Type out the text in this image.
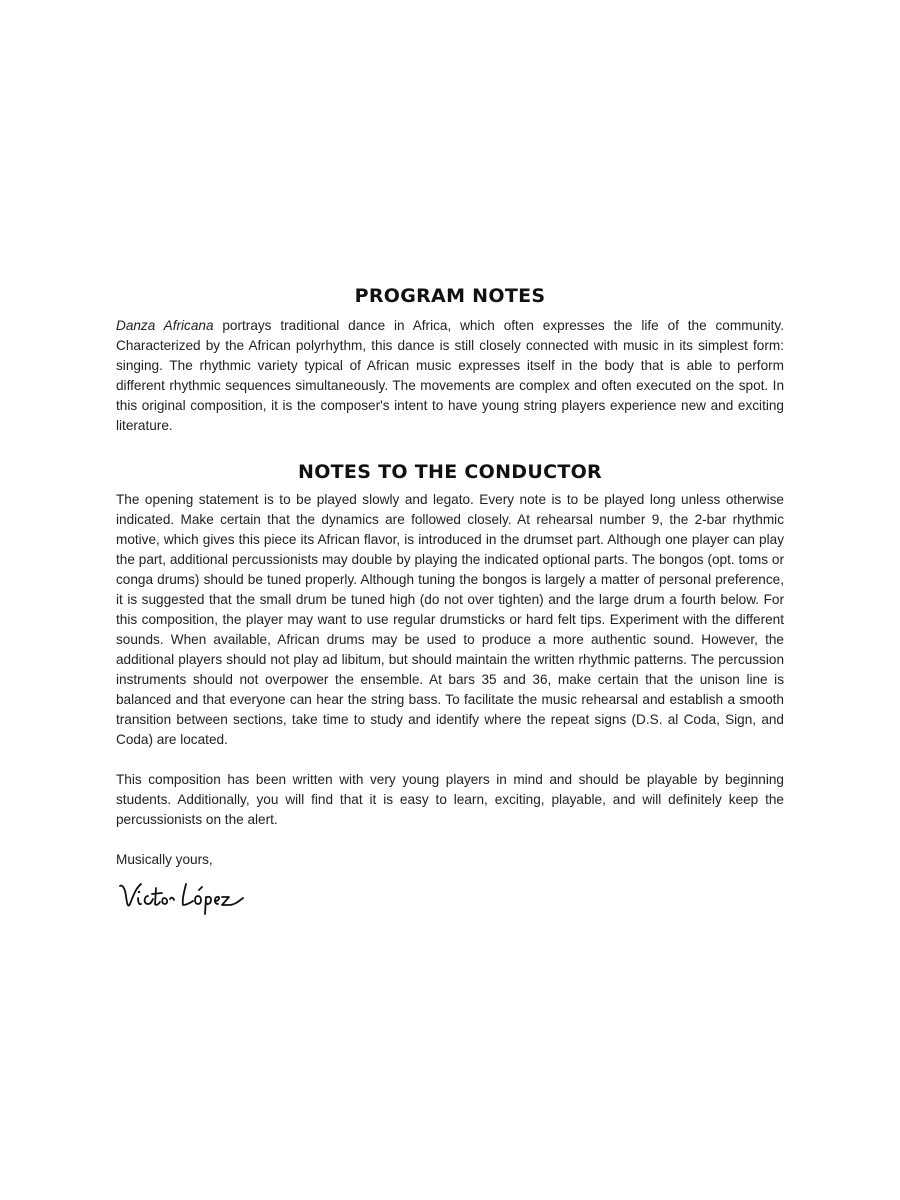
PROGRAM NOTES

Danza Africana portrays traditional dance in Africa, which often expresses the life of the community. Characterized by the African polyrhythm, this dance is still closely connected with music in its simplest form: singing. The rhythmic variety typical of African music expresses itself in the body that is able to perform different rhythmic sequences simultaneously. The movements are complex and often executed on the spot. In this original composition, it is the composer's intent to have young string players experience new and exciting literature.

NOTES TO THE CONDUCTOR

The opening statement is to be played slowly and legato. Every note is to be played long unless otherwise indicated. Make certain that the dynamics are followed closely. At rehearsal number 9, the 2-bar rhythmic motive, which gives this piece its African flavor, is introduced in the drumset part. Although one player can play the part, additional percussionists may double by playing the indicated optional parts. The bongos (opt. toms or conga drums) should be tuned properly. Although tuning the bongos is largely a matter of personal preference, it is suggested that the small drum be tuned high (do not over tighten) and the large drum a fourth below. For this composition, the player may want to use regular drumsticks or hard felt tips. Experiment with the different sounds. When available, African drums may be used to produce a more authentic sound. However, the additional players should not play ad libitum, but should maintain the written rhythmic patterns. The percussion instruments should not overpower the ensemble. At bars 35 and 36, make certain that the unison line is balanced and that everyone can hear the string bass. To facilitate the music rehearsal and establish a smooth transition between sections, take time to study and identify where the repeat signs (D.S. al Coda, Sign, and Coda) are located.

This composition has been written with very young players in mind and should be playable by beginning students. Additionally, you will find that it is easy to learn, exciting, playable, and will definitely keep the percussionists on the alert.

Musically yours,
